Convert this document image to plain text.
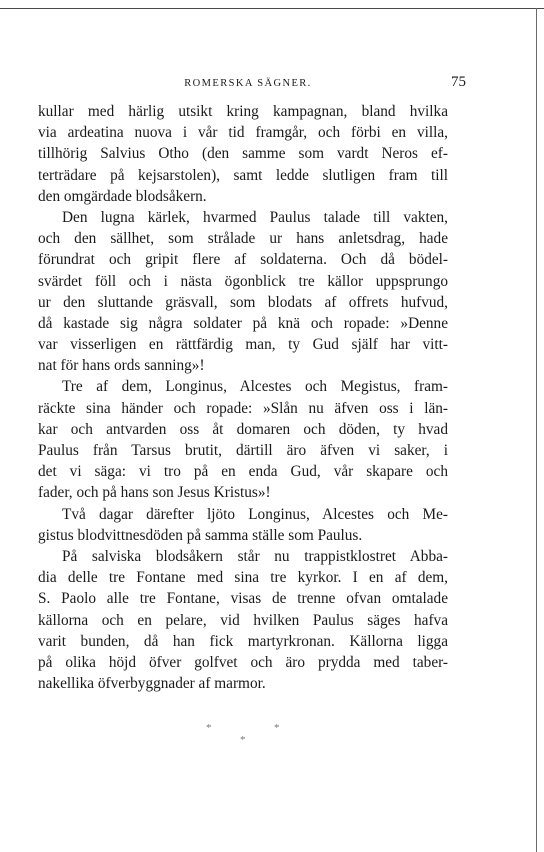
ROMERSKA SÄGNER.	75
kullar med härlig utsikt kring kampagnan, bland hvilka
via ardeatina nuova i vår tid framgår, och förbi en villa,
tillhörig Salvius Otho (den samme som vardt Neros ef-
terträdare på kejsarstolen), samt ledde slutligen fram till
den omgärdade blodsåkern.
Den lugna kärlek, hvarmed Paulus talade till vakten,
och den sällhet, som strålade ur hans anletsdrag, hade
förundrat och gripit flere af soldaterna. Och då bödel-
svärdet föll och i nästa ögonblick tre källor uppsprungo
ur den sluttande gräsvall, som blodats af offrets hufvud,
då kastade sig några soldater på knä och ropade: »Denne
var visserligen en rättfärdig man, ty Gud själf har vitt-
nat för hans ords sanning»!
Tre af dem, Longinus, Alcestes och Megistus, fram-
räckte sina händer och ropade: »Slån nu äfven oss i län-
kar och antvarden oss åt domaren och döden, ty hvad
Paulus från Tarsus brutit, därtill äro äfven vi saker, i
det vi säga: vi tro på en enda Gud, vår skapare och
fader, och på hans son Jesus Kristus»!
Två dagar därefter ljöto Longinus, Alcestes och Me-
gistus blodvittnesdöden på samma ställe som Paulus.
På salviska blodsåkern står nu trappistklostret Abba-
dia delle tre Fontane med sina tre kyrkor. I en af dem,
S. Paolo alle tre Fontane, visas de trenne ofvan omtalade
källorna och en pelare, vid hvilken Paulus säges hafva
varit bunden, då han fick martyrkronan. Källorna ligga
på olika höjd öfver golfvet och äro prydda med taber-
nakellika öfverbyggnader af marmor.
*	*
*
